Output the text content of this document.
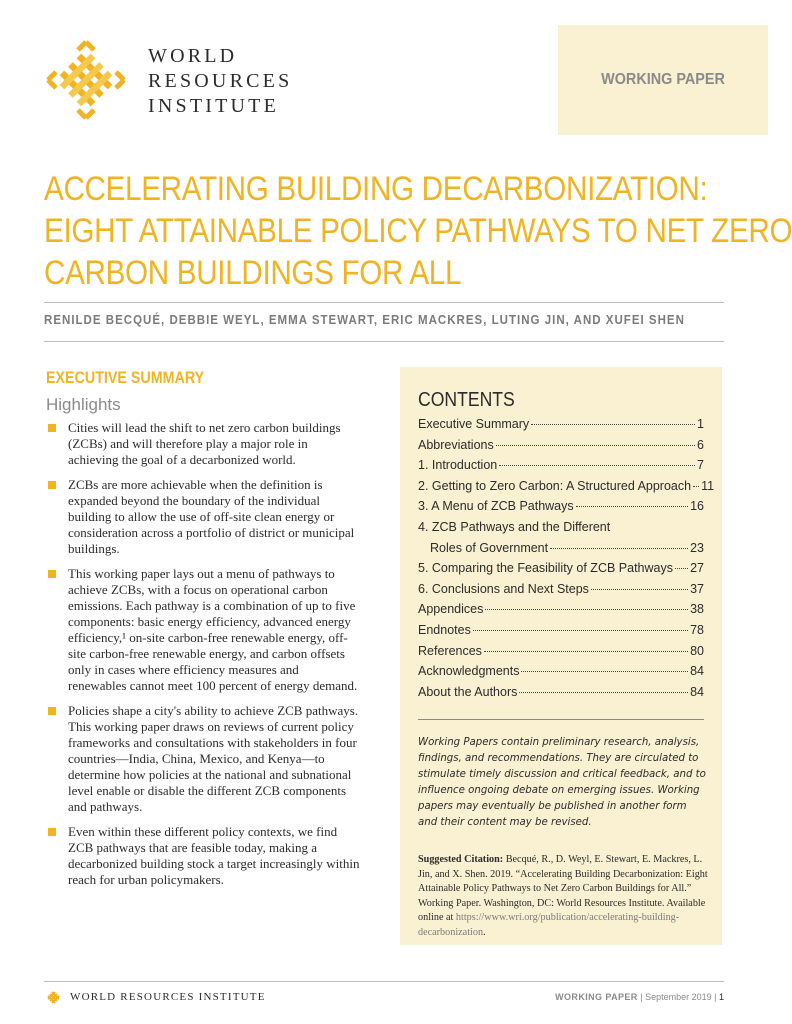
WORLD
RESOURCES
INSTITUTE
WORKING PAPER
ACCELERATING BUILDING DECARBONIZATION:
EIGHT ATTAINABLE POLICY PATHWAYS TO NET ZERO
CARBON BUILDINGS FOR ALL
RENILDE BECQUÉ, DEBBIE WEYL, EMMA STEWART, ERIC MACKRES, LUTING JIN, AND XUFEI SHEN
EXECUTIVE SUMMARY
Highlights
Cities will lead the shift to net zero carbon buildings (ZCBs) and will therefore play a major role in achieving the goal of a decarbonized world.
ZCBs are more achievable when the definition is expanded beyond the boundary of the individual building to allow the use of off-site clean energy or consideration across a portfolio of district or municipal buildings.
This working paper lays out a menu of pathways to achieve ZCBs, with a focus on operational carbon emissions. Each pathway is a combination of up to five components: basic energy efficiency, advanced energy efficiency,¹ on-site carbon-free renewable energy, off-site carbon-free renewable energy, and carbon offsets only in cases where efficiency measures and renewables cannot meet 100 percent of energy demand.
Policies shape a city's ability to achieve ZCB pathways. This working paper draws on reviews of current policy frameworks and consultations with stakeholders in four countries—India, China, Mexico, and Kenya—to determine how policies at the national and subnational level enable or disable the different ZCB components and pathways.
Even within these different policy contexts, we find ZCB pathways that are feasible today, making a decarbonized building stock a target increasingly within reach for urban policymakers.
CONTENTS
Executive Summary	1
Abbreviations	6
1. Introduction	7
2. Getting to Zero Carbon: A Structured Approach 11
3. A Menu of ZCB Pathways	16
4. ZCB Pathways and the Different
Roles of Government	23
5. Comparing the Feasibility of ZCB Pathways 27
6. Conclusions and Next Steps	37
Appendices	38
Endnotes	78
References	80
Acknowledgments	84
About the Authors	84
Working Papers contain preliminary research, analysis, findings, and recommendations. They are circulated to stimulate timely discussion and critical feedback, and to influence ongoing debate on emerging issues. Working papers may eventually be published in another form and their content may be revised.
Suggested Citation: Becqué, R., D. Weyl, E. Stewart, E. Mackres, L. Jin, and X. Shen. 2019. “Accelerating Building Decarbonization: Eight Attainable Policy Pathways to Net Zero Carbon Buildings for All.” Working Paper. Washington, DC: World Resources Institute. Available online at https://www.wri.org/publication/accelerating-building-decarbonization.
WORLD RESOURCES INSTITUTE	WORKING PAPER | September 2019 | 1
